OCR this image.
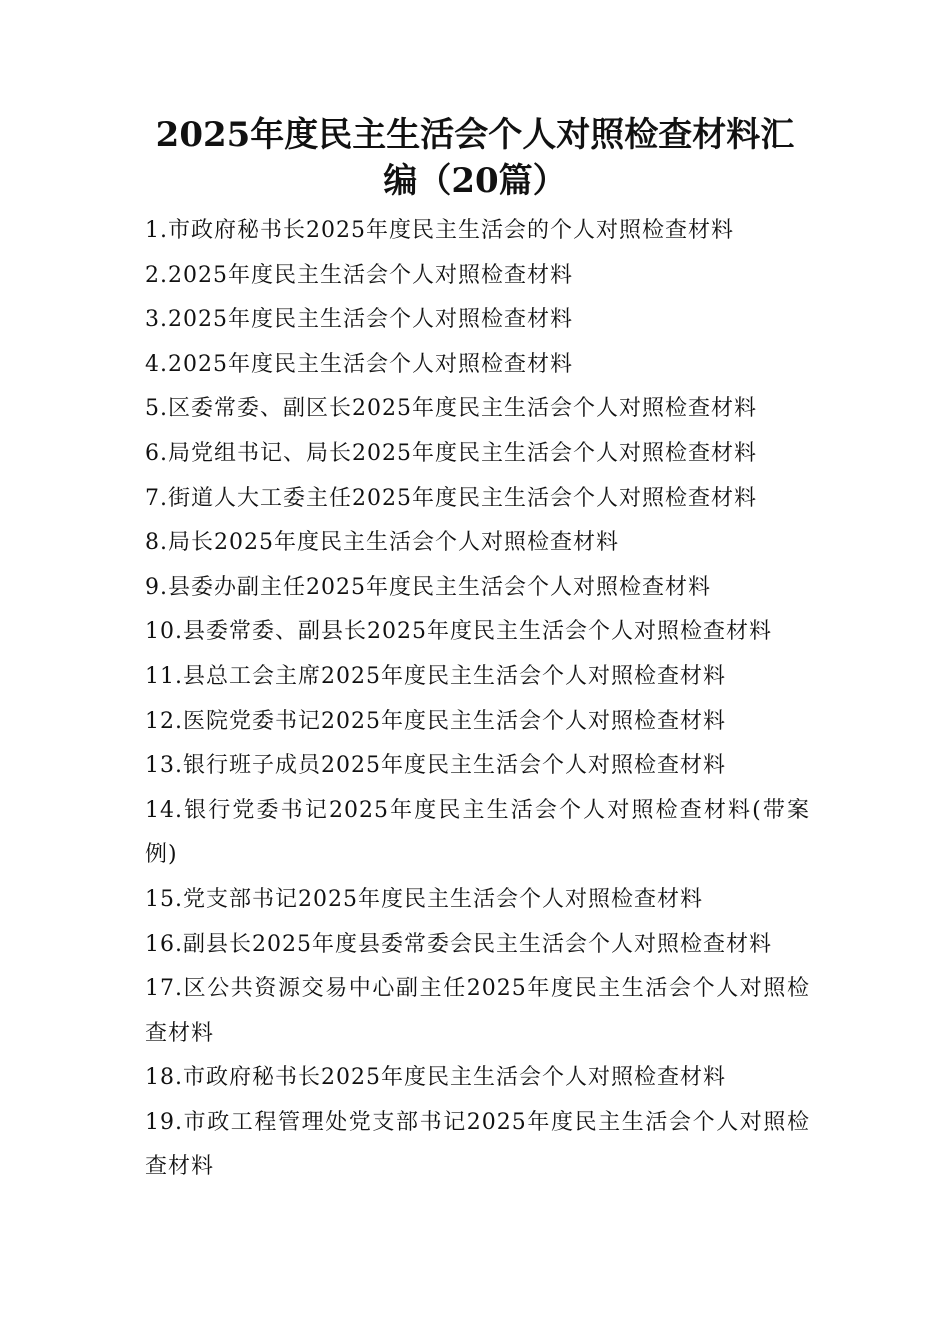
2025年度民主生活会个人对照检查材料汇
编（20篇）
1.市政府秘书长2025年度民主生活会的个人对照检查材料
2.2025年度民主生活会个人对照检查材料
3.2025年度民主生活会个人对照检查材料
4.2025年度民主生活会个人对照检查材料
5.区委常委、副区长2025年度民主生活会个人对照检查材料
6.局党组书记、局长2025年度民主生活会个人对照检查材料
7.街道人大工委主任2025年度民主生活会个人对照检查材料
8.局长2025年度民主生活会个人对照检查材料
9.县委办副主任2025年度民主生活会个人对照检查材料
10.县委常委、副县长2025年度民主生活会个人对照检查材料
11.县总工会主席2025年度民主生活会个人对照检查材料
12.医院党委书记2025年度民主生活会个人对照检查材料
13.银行班子成员2025年度民主生活会个人对照检查材料
14.银行党委书记2025年度民主生活会个人对照检查材料(带案例)
15.党支部书记2025年度民主生活会个人对照检查材料
16.副县长2025年度县委常委会民主生活会个人对照检查材料
17.区公共资源交易中心副主任2025年度民主生活会个人对照检查材料
18.市政府秘书长2025年度民主生活会个人对照检查材料
19.市政工程管理处党支部书记2025年度民主生活会个人对照检查材料
